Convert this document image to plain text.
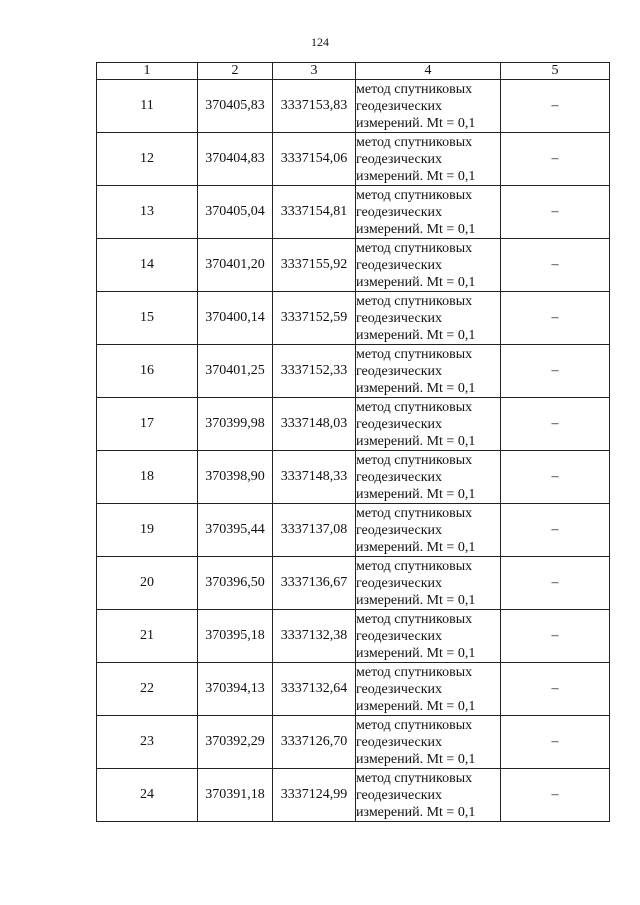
124
1	2	3	4	5
11	370405,83	3337153,83	метод спутниковых
геодезических
измерений. Mt = 0,1	–
12	370404,83	3337154,06	метод спутниковых
геодезических
измерений. Mt = 0,1	–
13	370405,04	3337154,81	метод спутниковых
геодезических
измерений. Mt = 0,1	–
14	370401,20	3337155,92	метод спутниковых
геодезических
измерений. Mt = 0,1	–
15	370400,14	3337152,59	метод спутниковых
геодезических
измерений. Mt = 0,1	–
16	370401,25	3337152,33	метод спутниковых
геодезических
измерений. Mt = 0,1	–
17	370399,98	3337148,03	метод спутниковых
геодезических
измерений. Mt = 0,1	–
18	370398,90	3337148,33	метод спутниковых
геодезических
измерений. Mt = 0,1	–
19	370395,44	3337137,08	метод спутниковых
геодезических
измерений. Mt = 0,1	–
20	370396,50	3337136,67	метод спутниковых
геодезических
измерений. Mt = 0,1	–
21	370395,18	3337132,38	метод спутниковых
геодезических
измерений. Mt = 0,1	–
22	370394,13	3337132,64	метод спутниковых
геодезических
измерений. Mt = 0,1	–
23	370392,29	3337126,70	метод спутниковых
геодезических
измерений. Mt = 0,1	–
24	370391,18	3337124,99	метод спутниковых
геодезических
измерений. Mt = 0,1	–
